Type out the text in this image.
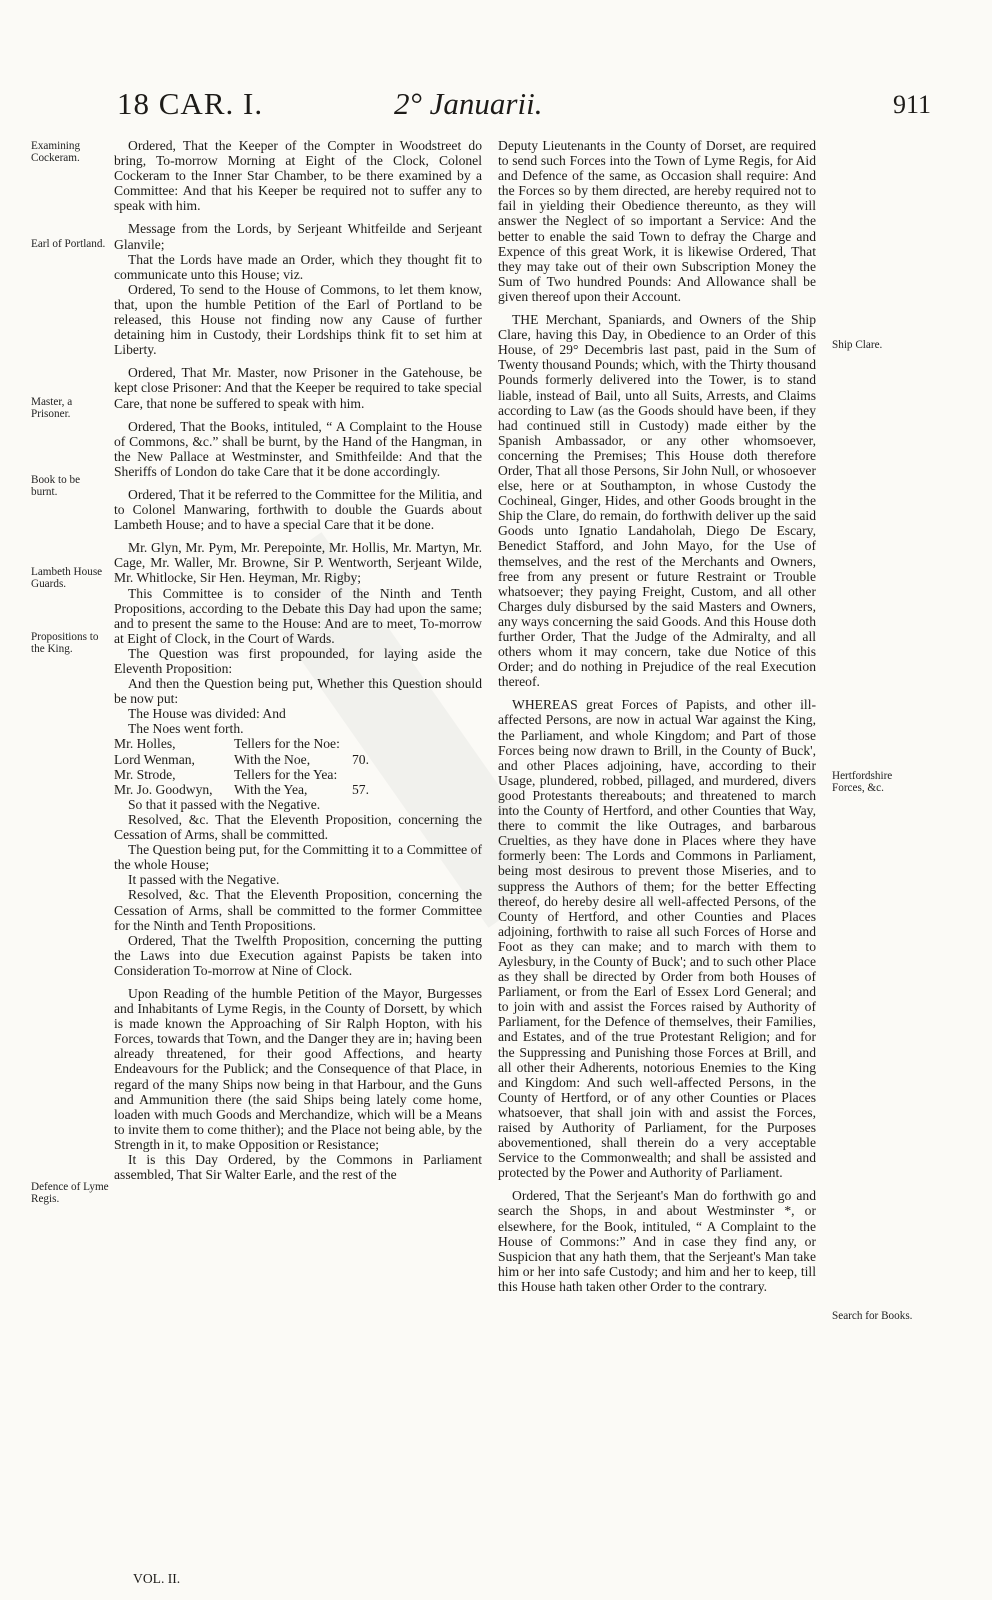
18 CAR. I.	2° Januarii.	911
Examining Cockeram.
Earl of Portland.
Master, a Prisoner.
Book to be burnt.
Lambeth House Guards.
Propositions to the King.
Defence of Lyme Regis.
Ship Clare.
Hertfordshire Forces, &c.
Search for Books.

Ordered, That the Keeper of the Compter in Woodstreet do bring, To-morrow Morning at Eight of the Clock, Colonel Cockeram to the Inner Star Chamber, to be there examined by a Committee: And that his Keeper be required not to suffer any to speak with him.

Message from the Lords, by Serjeant Whitfeilde and Serjeant Glanvile;

That the Lords have made an Order, which they thought fit to communicate unto this House; viz.

Ordered, To send to the House of Commons, to let them know, that, upon the humble Petition of the Earl of Portland to be released, this House not finding now any Cause of further detaining him in Custody, their Lordships think fit to set him at Liberty.

Ordered, That Mr. Master, now Prisoner in the Gatehouse, be kept close Prisoner: And that the Keeper be required to take special Care, that none be suffered to speak with him.

Ordered, That the Books, intituled, “ A Complaint to the House of Commons, &c.” shall be burnt, by the Hand of the Hangman, in the New Pallace at Westminster, and Smithfeilde: And that the Sheriffs of London do take Care that it be done accordingly.

Ordered, That it be referred to the Committee for the Militia, and to Colonel Manwaring, forthwith to double the Guards about Lambeth House; and to have a special Care that it be done.

Mr. Glyn, Mr. Pym, Mr. Perepointe, Mr. Hollis, Mr. Martyn, Mr. Cage, Mr. Waller, Mr. Browne, Sir P. Wentworth, Serjeant Wilde, Mr. Whitlocke, Sir Hen. Heyman, Mr. Rigby;

This Committee is to consider of the Ninth and Tenth Propositions, according to the Debate this Day had upon the same; and to present the same to the House: And are to meet, To-morrow at Eight of Clock, in the Court of Wards.

The Question was first propounded, for laying aside the Eleventh Proposition:

And then the Question being put, Whether this Question should be now put:

The House was divided: And

The Noes went forth.

Mr. Holles,	Tellers for the Noe:
Lord Wenman,	With the Noe,	70.
Mr. Strode,	Tellers for the Yea:
Mr. Jo. Goodwyn,	With the Yea,	57.

So that it passed with the Negative.

Resolved, &c. That the Eleventh Proposition, concerning the Cessation of Arms, shall be committed.

The Question being put, for the Committing it to a Committee of the whole House;

It passed with the Negative.

Resolved, &c. That the Eleventh Proposition, concerning the Cessation of Arms, shall be committed to the former Committee for the Ninth and Tenth Propositions.

Ordered, That the Twelfth Proposition, concerning the putting the Laws into due Execution against Papists be taken into Consideration To-morrow at Nine of Clock.

Upon Reading of the humble Petition of the Mayor, Burgesses and Inhabitants of Lyme Regis, in the County of Dorsett, by which is made known the Approaching of Sir Ralph Hopton, with his Forces, towards that Town, and the Danger they are in; having been already threatened, for their good Affections, and hearty Endeavours for the Publick; and the Consequence of that Place, in regard of the many Ships now being in that Harbour, and the Guns and Ammunition there (the said Ships being lately come home, loaden with much Goods and Merchandize, which will be a Means to invite them to come thither); and the Place not being able, by the Strength in it, to make Opposition or Resistance;

It is this Day Ordered, by the Commons in Parliament assembled, That Sir Walter Earle, and the rest of the

Deputy Lieutenants in the County of Dorset, are required to send such Forces into the Town of Lyme Regis, for Aid and Defence of the same, as Occasion shall require: And the Forces so by them directed, are hereby required not to fail in yielding their Obedience thereunto, as they will answer the Neglect of so important a Service: And the better to enable the said Town to defray the Charge and Expence of this great Work, it is likewise Ordered, That they may take out of their own Subscription Money the Sum of Two hundred Pounds: And Allowance shall be given thereof upon their Account.

THE Merchant, Spaniards, and Owners of the Ship Clare, having this Day, in Obedience to an Order of this House, of 29° Decembris last past, paid in the Sum of Twenty thousand Pounds; which, with the Thirty thousand Pounds formerly delivered into the Tower, is to stand liable, instead of Bail, unto all Suits, Arrests, and Claims according to Law (as the Goods should have been, if they had continued still in Custody) made either by the Spanish Ambassador, or any other whomsoever, concerning the Premises; This House doth therefore Order, That all those Persons, Sir John Null, or whosoever else, here or at Southampton, in whose Custody the Cochineal, Ginger, Hides, and other Goods brought in the Ship the Clare, do remain, do forthwith deliver up the said Goods unto Ignatio Landaholah, Diego De Escary, Benedict Stafford, and John Mayo, for the Use of themselves, and the rest of the Merchants and Owners, free from any present or future Restraint or Trouble whatsoever; they paying Freight, Custom, and all other Charges duly disbursed by the said Masters and Owners, any ways concerning the said Goods. And this House doth further Order, That the Judge of the Admiralty, and all others whom it may concern, take due Notice of this Order; and do nothing in Prejudice of the real Execution thereof.

WHEREAS great Forces of Papists, and other ill-affected Persons, are now in actual War against the King, the Parliament, and whole Kingdom; and Part of those Forces being now drawn to Brill, in the County of Buck', and other Places adjoining, have, according to their Usage, plundered, robbed, pillaged, and murdered, divers good Protestants thereabouts; and threatened to march into the County of Hertford, and other Counties that Way, there to commit the like Outrages, and barbarous Cruelties, as they have done in Places where they have formerly been: The Lords and Commons in Parliament, being most desirous to prevent those Miseries, and to suppress the Authors of them; for the better Effecting thereof, do hereby desire all well-affected Persons, of the County of Hertford, and other Counties and Places adjoining, forthwith to raise all such Forces of Horse and Foot as they can make; and to march with them to Aylesbury, in the County of Buck'; and to such other Place as they shall be directed by Order from both Houses of Parliament, or from the Earl of Essex Lord General; and to join with and assist the Forces raised by Authority of Parliament, for the Defence of themselves, their Families, and Estates, and of the true Protestant Religion; and for the Suppressing and Punishing those Forces at Brill, and all other their Adherents, notorious Enemies to the King and Kingdom: And such well-affected Persons, in the County of Hertford, or of any other Counties or Places whatsoever, that shall join with and assist the Forces, raised by Authority of Parliament, for the Purposes abovementioned, shall therein do a very acceptable Service to the Commonwealth; and shall be assisted and protected by the Power and Authority of Parliament.

Ordered, That the Serjeant's Man do forthwith go and search the Shops, in and about Westminster *, or elsewhere, for the Book, intituled, “ A Complaint to the House of Commons:” And in case they find any, or Suspicion that any hath them, that the Serjeant's Man take him or her into safe Custody; and him and her to keep, till this House hath taken other Order to the contrary.

VOL. II.
